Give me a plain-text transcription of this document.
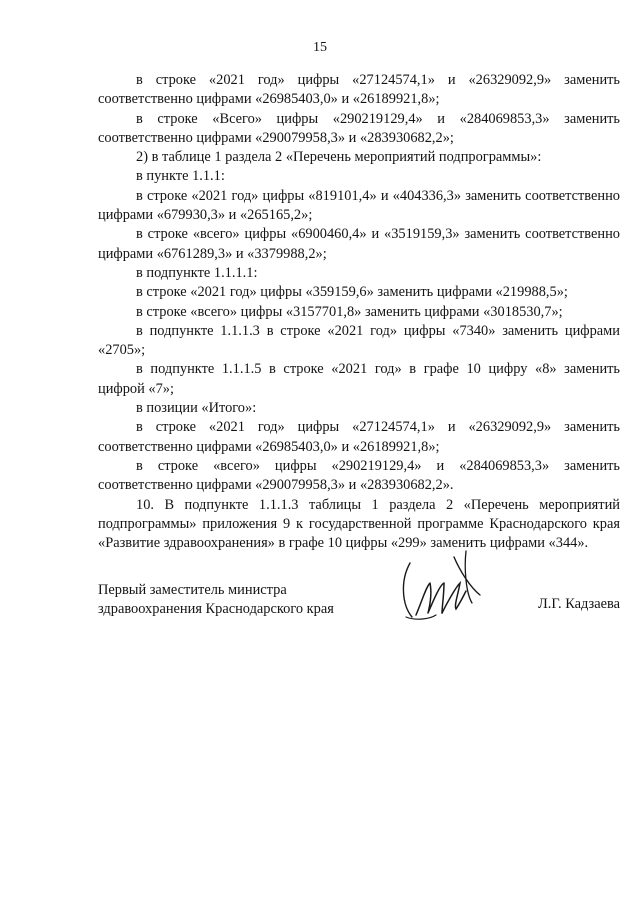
15

в строке «2021 год» цифры «27124574,1» и «26329092,9» заменить соответственно цифрами «26985403,0» и «26189921,8»;

в строке «Всего» цифры «290219129,4» и «284069853,3» заменить соответственно цифрами «290079958,3» и «283930682,2»;

2) в таблице 1 раздела 2 «Перечень мероприятий подпрограммы»:

в пункте 1.1.1:

в строке «2021 год» цифры «819101,4» и «404336,3» заменить соответственно цифрами «679930,3» и «265165,2»;

в строке «всего» цифры «6900460,4» и «3519159,3» заменить соответственно цифрами «6761289,3» и «3379988,2»;

в подпункте 1.1.1.1:

в строке «2021 год» цифры «359159,6» заменить цифрами «219988,5»;

в строке «всего» цифры «3157701,8» заменить цифрами «3018530,7»;

в подпункте 1.1.1.3 в строке «2021 год» цифры «7340» заменить цифрами «2705»;

в подпункте 1.1.1.5 в строке «2021 год» в графе 10 цифру «8» заменить цифрой «7»;

в позиции «Итого»:

в строке «2021 год» цифры «27124574,1» и «26329092,9» заменить соответственно цифрами «26985403,0» и «26189921,8»;

в строке «всего» цифры «290219129,4» и «284069853,3» заменить соответственно цифрами «290079958,3» и «283930682,2».

10. В подпункте 1.1.1.3 таблицы 1 раздела 2 «Перечень мероприятий подпрограммы» приложения 9 к государственной программе Краснодарского края «Развитие здравоохранения» в графе 10 цифры «299» заменить цифрами «344».

Первый заместитель министра
здравоохранения Краснодарского края	Л.Г. Кадзаева
